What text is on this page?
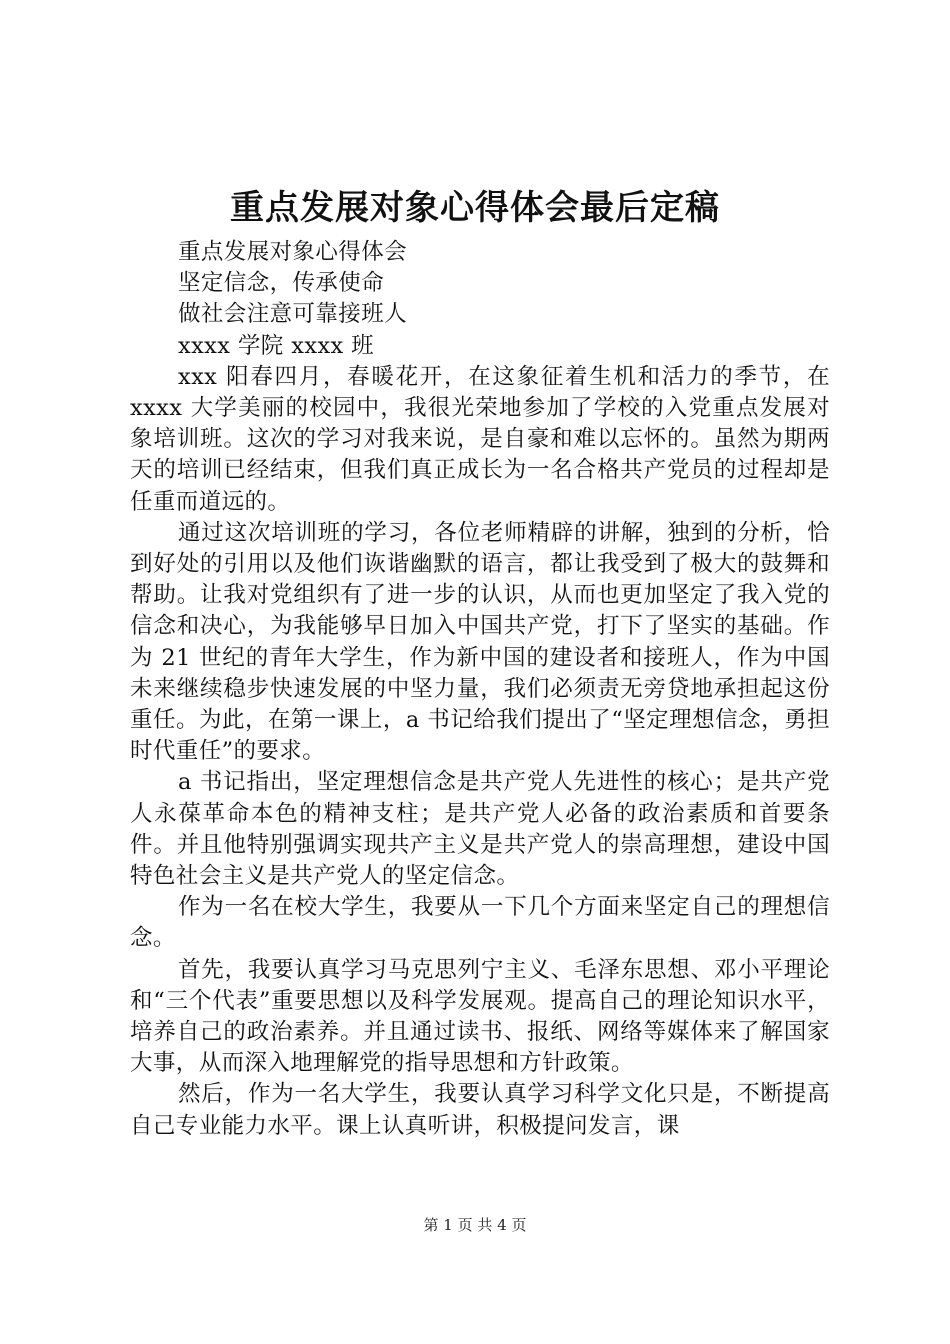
重点发展对象心得体会最后定稿
重点发展对象心得体会
坚定信念，传承使命
做社会注意可靠接班人
xxxx 学院 xxxx 班

xxx 阳春四月，春暖花开，在这象征着生机和活力的季节，在 xxxx 大学美丽的校园中，我很光荣地参加了学校的入党重点发展对象培训班。这次的学习对我来说，是自豪和难以忘怀的。虽然为期两天的培训已经结束，但我们真正成长为一名合格共产党员的过程却是任重而道远的。

通过这次培训班的学习，各位老师精辟的讲解，独到的分析，恰到好处的引用以及他们诙谐幽默的语言，都让我受到了极大的鼓舞和帮助。让我对党组织有了进一步的认识，从而也更加坚定了我入党的信念和决心，为我能够早日加入中国共产党，打下了坚实的基础。作为 21 世纪的青年大学生，作为新中国的建设者和接班人，作为中国未来继续稳步快速发展的中坚力量，我们必须责无旁贷地承担起这份重任。为此，在第一课上，a 书记给我们提出了“坚定理想信念，勇担时代重任”的要求。

a 书记指出，坚定理想信念是共产党人先进性的核心；是共产党人永葆革命本色的精神支柱；是共产党人必备的政治素质和首要条件。并且他特别强调实现共产主义是共产党人的崇高理想，建设中国特色社会主义是共产党人的坚定信念。

作为一名在校大学生，我要从一下几个方面来坚定自己的理想信念。

首先，我要认真学习马克思列宁主义、毛泽东思想、邓小平理论和“三个代表”重要思想以及科学发展观。提高自己的理论知识水平，培养自己的政治素养。并且通过读书、报纸、网络等媒体来了解国家大事，从而深入地理解党的指导思想和方针政策。

然后，作为一名大学生，我要认真学习科学文化只是，不断提高自己专业能力水平。课上认真听讲，积极提问发言，课

第 1 页 共 4 页
